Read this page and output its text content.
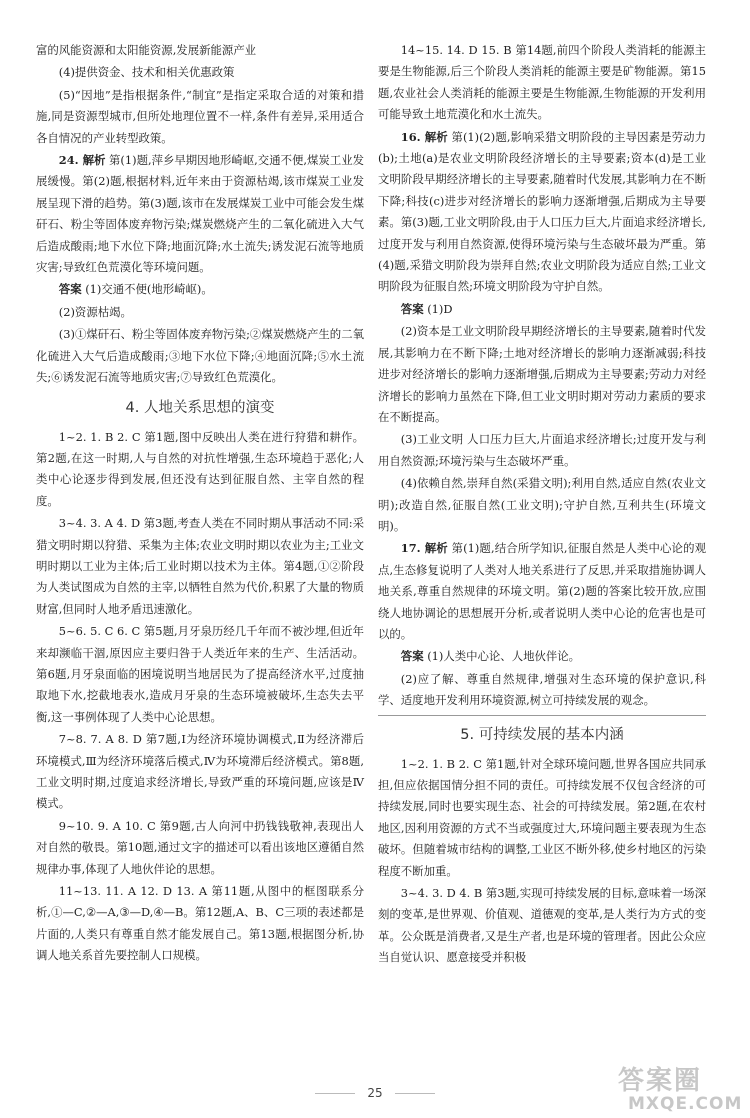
富的风能资源和太阳能资源,发展新能源产业

(4)提供资金、技术和相关优惠政策

(5)“因地”是指根据条件,“制宜”是指定采取合适的对策和措施,同是资源型城市,但所处地理位置不一样,条件有差异,采用适合各自情况的产业转型政策。

24. 解析 第(1)题,萍乡早期因地形崎岖,交通不便,煤炭工业发展缓慢。第(2)题,根据材料,近年来由于资源枯竭,该市煤炭工业发展呈现下滑的趋势。第(3)题,该市在发展煤炭工业中可能会发生煤矸石、粉尘等固体废弃物污染;煤炭燃烧产生的二氧化硫进入大气后造成酸雨;地下水位下降;地面沉降;水土流失;诱发泥石流等地质灾害;导致红色荒漠化等环境问题。

答案 (1)交通不便(地形崎岖)。

(2)资源枯竭。

(3)①煤矸石、粉尘等固体废弃物污染;②煤炭燃烧产生的二氧化硫进入大气后造成酸雨;③地下水位下降;④地面沉降;⑤水土流失;⑥诱发泥石流等地质灾害;⑦导致红色荒漠化。

4. 人地关系思想的演变

1~2. 1. B 2. C 第1题,图中反映出人类在进行狩猎和耕作。第2题,在这一时期,人与自然的对抗性增强,生态环境趋于恶化;人类中心论逐步得到发展,但还没有达到征服自然、主宰自然的程度。

3~4. 3. A 4. D 第3题,考查人类在不同时期从事活动不同:采猎文明时期以狩猎、采集为主体;农业文明时期以农业为主;工业文明时期以工业为主体;后工业时期以技术为主体。第4题,①②阶段为人类试图成为自然的主宰,以牺牲自然为代价,积累了大量的物质财富,但同时人地矛盾迅速激化。

5~6. 5. C 6. C 第5题,月牙泉历经几千年而不被沙埋,但近年来却濒临干涸,原因应主要归咎于人类近年来的生产、生活活动。第6题,月牙泉面临的困境说明当地居民为了提高经济水平,过度抽取地下水,挖截地表水,造成月牙泉的生态环境被破坏,生态失去平衡,这一事例体现了人类中心论思想。

7~8. 7. A 8. D 第7题,Ⅰ为经济环境协调模式,Ⅱ为经济滞后环境模式,Ⅲ为经济环境落后模式,Ⅳ为环境滞后经济模式。第8题,工业文明时期,过度追求经济增长,导致严重的环境问题,应该是Ⅳ模式。

9~10. 9. A 10. C 第9题,古人向河中扔钱钱敬神,表现出人对自然的敬畏。第10题,通过文字的描述可以看出该地区遵循自然规律办事,体现了人地伙伴论的思想。

11~13. 11. A 12. D 13. A 第11题,从图中的框图联系分析,①—C,②—A,③—D,④—B。第12题,A、B、C三项的表述都是片面的,人类只有尊重自然才能发展自己。第13题,根据图分析,协调人地关系首先要控制人口规模。

14~15. 14. D 15. B 第14题,前四个阶段人类消耗的能源主要是生物能源,后三个阶段人类消耗的能源主要是矿物能源。第15题,农业社会人类消耗的能源主要是生物能源,生物能源的开发利用可能导致土地荒漠化和水土流失。

16. 解析 第(1)(2)题,影响采猎文明阶段的主导因素是劳动力(b);土地(a)是农业文明阶段经济增长的主导要素;资本(d)是工业文明阶段早期经济增长的主导要素,随着时代发展,其影响力在不断下降;科技(c)进步对经济增长的影响力逐渐增强,后期成为主导要素。第(3)题,工业文明阶段,由于人口压力巨大,片面追求经济增长,过度开发与利用自然资源,使得环境污染与生态破坏最为严重。第(4)题,采猎文明阶段为崇拜自然;农业文明阶段为适应自然;工业文明阶段为征服自然;环境文明阶段为守护自然。

答案 (1)D

(2)资本是工业文明阶段早期经济增长的主导要素,随着时代发展,其影响力在不断下降;土地对经济增长的影响力逐渐减弱;科技进步对经济增长的影响力逐渐增强,后期成为主导要素;劳动力对经济增长的影响力虽然在下降,但工业文明时期对劳动力素质的要求在不断提高。

(3)工业文明 人口压力巨大,片面追求经济增长;过度开发与利用自然资源;环境污染与生态破坏严重。

(4)依赖自然,崇拜自然(采猎文明);利用自然,适应自然(农业文明);改造自然,征服自然(工业文明);守护自然,互利共生(环境文明)。

17. 解析 第(1)题,结合所学知识,征服自然是人类中心论的观点,生态修复说明了人类对人地关系进行了反思,并采取措施协调人地关系,尊重自然规律的环境文明。第(2)题的答案比较开放,应围绕人地协调论的思想展开分析,或者说明人类中心论的危害也是可以的。

答案 (1)人类中心论、人地伙伴论。

(2)应了解、尊重自然规律,增强对生态环境的保护意识,科学、适度地开发利用环境资源,树立可持续发展的观念。

5. 可持续发展的基本内涵

1~2. 1. B 2. C 第1题,针对全球环境问题,世界各国应共同承担,但应依据国情分担不同的责任。可持续发展不仅包含经济的可持续发展,同时也要实现生态、社会的可持续发展。第2题,在农村地区,因利用资源的方式不当或强度过大,环境问题主要表现为生态破坏。但随着城市结构的调整,工业区不断外移,使乡村地区的污染程度不断加重。

3~4. 3. D 4. B 第3题,实现可持续发展的目标,意味着一场深刻的变革,是世界观、价值观、道德观的变革,是人类行为方式的变革。公众既是消费者,又是生产者,也是环境的管理者。因此公众应当自觉认识、愿意接受并积极

25	答案圈
MXQE.COM
